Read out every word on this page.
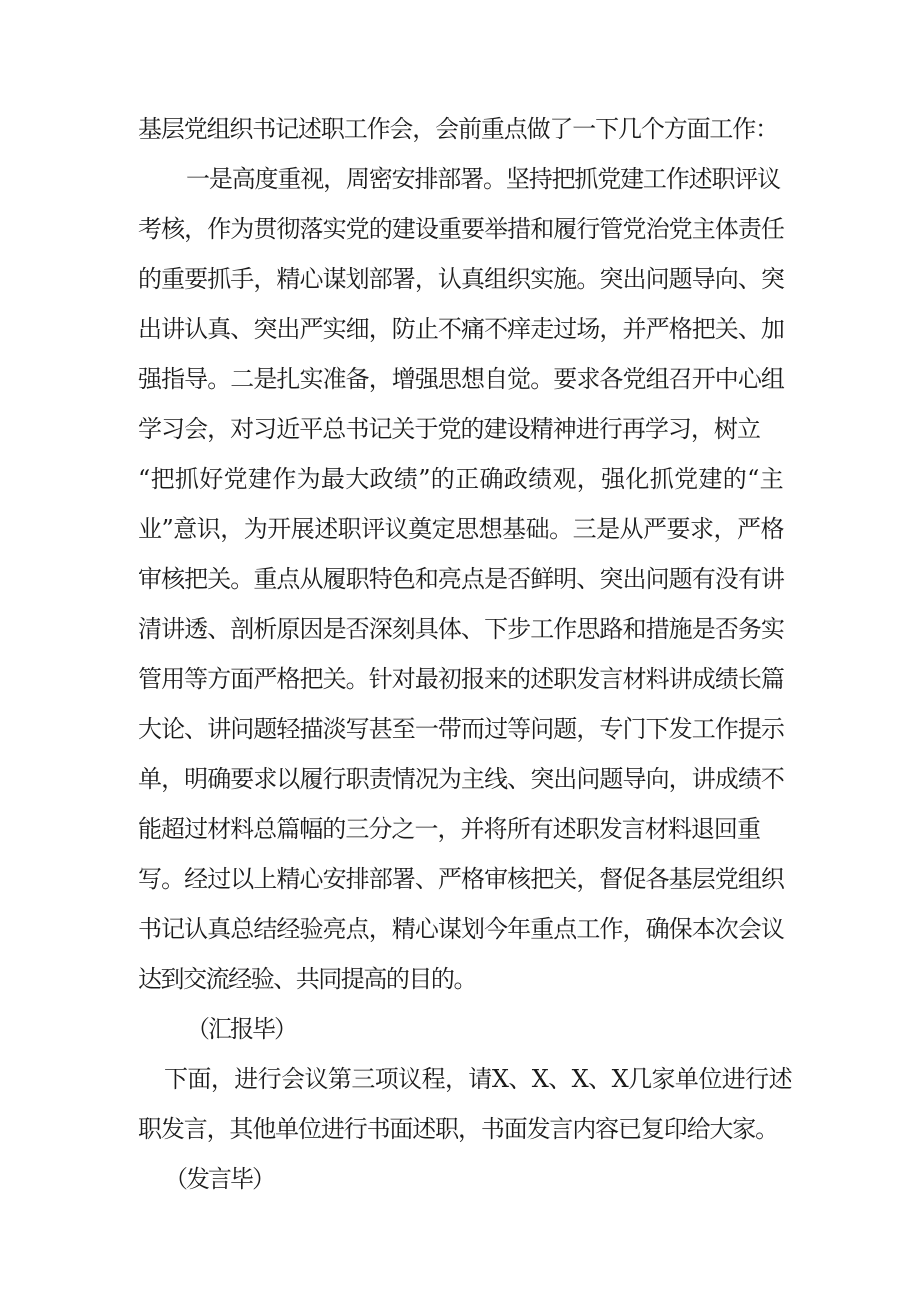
基层党组织书记述职工作会，会前重点做了一下几个方面工作：
一是高度重视，周密安排部署。坚持把抓党建工作述职评议
考核，作为贯彻落实党的建设重要举措和履行管党治党主体责任
的重要抓手，精心谋划部署，认真组织实施。突出问题导向、突
出讲认真、突出严实细，防止不痛不痒走过场，并严格把关、加
强指导。二是扎实准备，增强思想自觉。要求各党组召开中心组
学习会，对习近平总书记关于党的建设精神进行再学习，树立
“把抓好党建作为最大政绩”的正确政绩观，强化抓党建的“主
业”意识，为开展述职评议奠定思想基础。三是从严要求，严格
审核把关。重点从履职特色和亮点是否鲜明、突出问题有没有讲
清讲透、剖析原因是否深刻具体、下步工作思路和措施是否务实
管用等方面严格把关。针对最初报来的述职发言材料讲成绩长篇
大论、讲问题轻描淡写甚至一带而过等问题，专门下发工作提示
单，明确要求以履行职责情况为主线、突出问题导向，讲成绩不
能超过材料总篇幅的三分之一，并将所有述职发言材料退回重
写。经过以上精心安排部署、严格审核把关，督促各基层党组织
书记认真总结经验亮点，精心谋划今年重点工作，确保本次会议
达到交流经验、共同提高的目的。
（汇报毕）
下面，进行会议第三项议程，请X、X、X、X几家单位进行述
职发言，其他单位进行书面述职，书面发言内容已复印给大家。
（发言毕）
